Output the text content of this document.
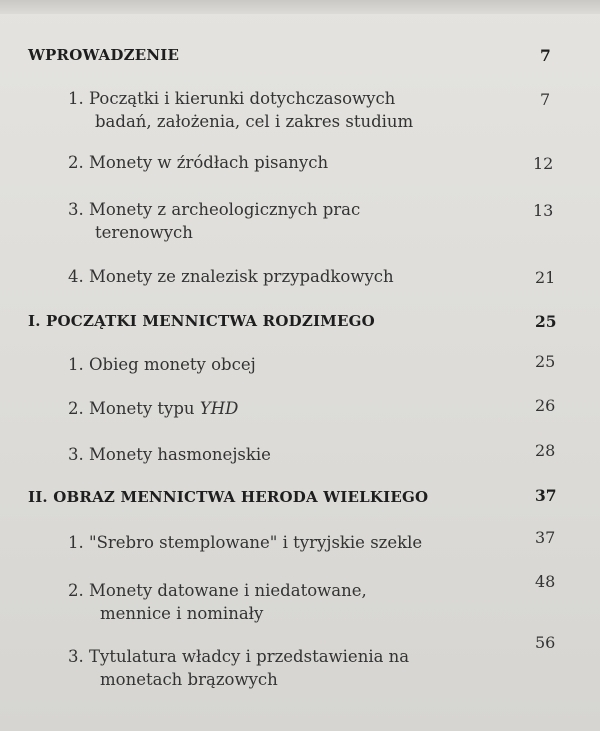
WPROWADZENIE	7
1. Początki i kierunki dotychczasowych
badań, założenia, cel i zakres studium
7
2. Monety w źródłach pisanych	12
3. Monety z archeologicznych prac
terenowych
13
4. Monety ze znalezisk przypadkowych	21
I. POCZĄTKI MENNICTWA RODZIMEGO	25
1. Obieg monety obcej	25
2. Monety typu YHD	26
3. Monety hasmonejskie	28
II. OBRAZ MENNICTWA HERODA WIELKIEGO	37
1. "Srebro stemplowane" i tyryjskie szekle	37
2. Monety datowane i niedatowane,
mennice i nominały
48
3. Tytulatura władcy i przedstawienia na
monetach brązowych
56
